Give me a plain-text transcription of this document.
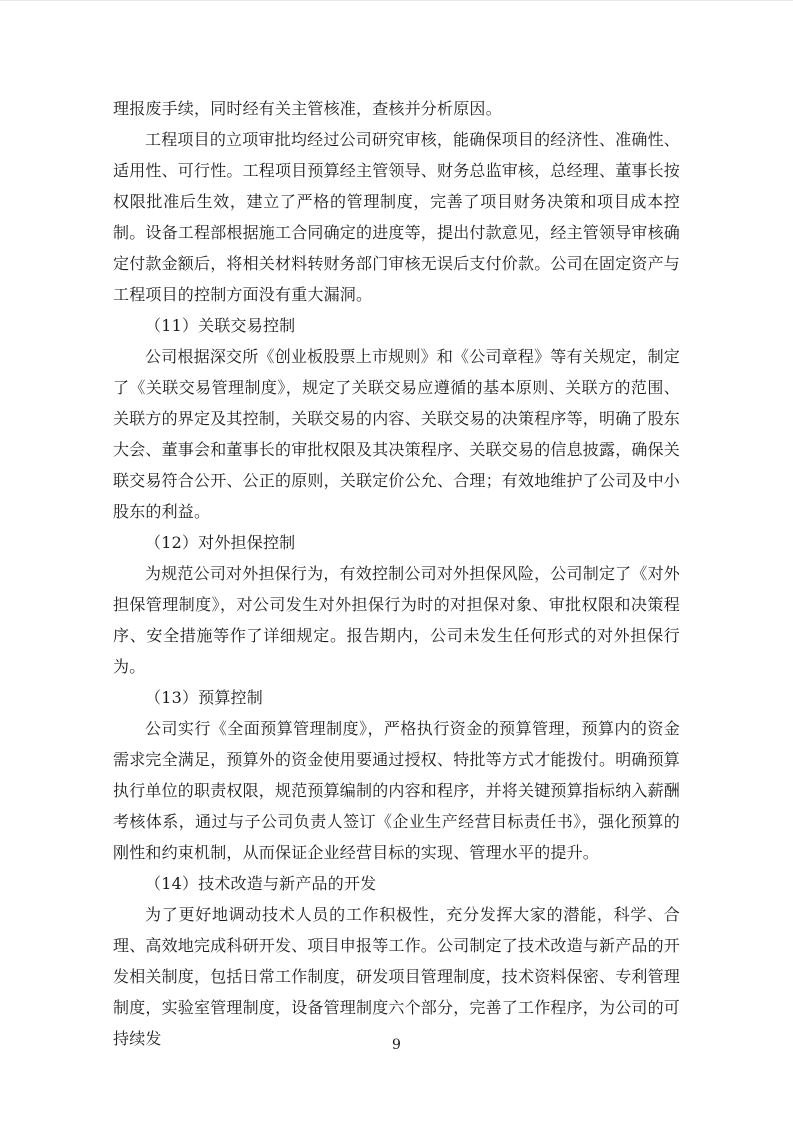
理报废手续，同时经有关主管核准，查核并分析原因。

工程项目的立项审批均经过公司研究审核，能确保项目的经济性、准确性、适用性、可行性。工程项目预算经主管领导、财务总监审核，总经理、董事长按权限批准后生效，建立了严格的管理制度，完善了项目财务决策和项目成本控制。设备工程部根据施工合同确定的进度等，提出付款意见，经主管领导审核确定付款金额后，将相关材料转财务部门审核无误后支付价款。公司在固定资产与工程项目的控制方面没有重大漏洞。

（11）关联交易控制

公司根据深交所《创业板股票上市规则》和《公司章程》等有关规定，制定了《关联交易管理制度》，规定了关联交易应遵循的基本原则、关联方的范围、关联方的界定及其控制，关联交易的内容、关联交易的决策程序等，明确了股东大会、董事会和董事长的审批权限及其决策程序、关联交易的信息披露，确保关联交易符合公开、公正的原则，关联定价公允、合理；有效地维护了公司及中小股东的利益。

（12）对外担保控制

为规范公司对外担保行为，有效控制公司对外担保风险，公司制定了《对外担保管理制度》，对公司发生对外担保行为时的对担保对象、审批权限和决策程序、安全措施等作了详细规定。报告期内，公司未发生任何形式的对外担保行为。

（13）预算控制

公司实行《全面预算管理制度》，严格执行资金的预算管理，预算内的资金需求完全满足，预算外的资金使用要通过授权、特批等方式才能拨付。明确预算执行单位的职责权限，规范预算编制的内容和程序，并将关键预算指标纳入薪酬考核体系，通过与子公司负责人签订《企业生产经营目标责任书》，强化预算的刚性和约束机制，从而保证企业经营目标的实现、管理水平的提升。

（14）技术改造与新产品的开发

为了更好地调动技术人员的工作积极性，充分发挥大家的潜能，科学、合理、高效地完成科研开发、项目申报等工作。公司制定了技术改造与新产品的开发相关制度，包括日常工作制度，研发项目管理制度，技术资料保密、专利管理制度，实验室管理制度，设备管理制度六个部分，完善了工作程序，为公司的可持续发	9
